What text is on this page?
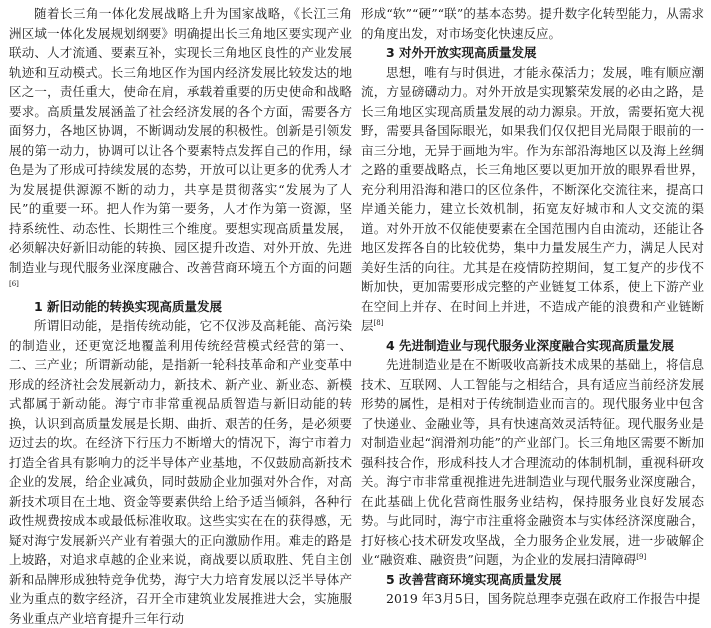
随着长三角一体化发展战略上升为国家战略，《长江三角洲区域一体化发展规划纲要》明确提出长三角地区要实现产业联动、人才流通、要素互补，实现长三角地区良性的产业发展轨迹和互动模式。长三角地区作为国内经济发展比较发达的地区之一，责任重大，使命在肩，承载着重要的历史使命和战略要求。高质量发展涵盖了社会经济发展的各个方面，需要各方面努力，各地区协调，不断调动发展的积极性。创新是引领发展的第一动力，协调可以让各个要素特点发挥自己的作用，绿色是为了形成可持续发展的态势，开放可以让更多的优秀人才为发展提供源源不断的动力，共享是贯彻落实“发展为了人民”的重要一环。把人作为第一要务，人才作为第一资源，坚持系统性、动态性、长期性三个维度。要想实现高质量发展，必须解决好新旧动能的转换、园区提升改造、对外开放、先进制造业与现代服务业深度融合、改善营商环境五个方面的问题[6]

1 新旧动能的转换实现高质量发展

所谓旧动能，是指传统动能，它不仅涉及高耗能、高污染的制造业，还更宽泛地覆盖利用传统经营模式经营的第一、二、三产业；所谓新动能，是指新一轮科技革命和产业变革中形成的经济社会发展新动力，新技术、新产业、新业态、新模式都属于新动能。海宁市非常重视品质智造与新旧动能的转换，认识到高质量发展是长期、曲折、艰苦的任务，是必须要迈过去的坎。在经济下行压力不断增大的情况下，海宁市着力打造全省具有影响力的泛半导体产业基地，不仅鼓励高新技术企业的发展，给企业减负，同时鼓励企业加强对外合作，对高新技术项目在土地、资金等要素供给上给予适当倾斜，各种行政性规费按成本或最低标准收取。这些实实在在的获得感，无疑对海宁发展新兴产业有着强大的正向激励作用。难走的路是上坡路，对追求卓越的企业来说，商战要以质取胜、凭自主创新和品牌形成独特竞争优势，海宁大力培育发展以泛半导体产业为重点的数字经济，召开全市建筑业发展推进大会，实施服务业重点产业培育提升三年行动

形成“软”“硬”“联”的基本态势。提升数字化转型能力，从需求的角度出发，对市场变化快速反应。

3 对外开放实现高质量发展

思想，唯有与时俱进，才能永葆活力；发展，唯有顺应潮流，方显磅礴动力。对外开放是实现繁荣发展的必由之路，是长三角地区实现高质量发展的动力源泉。开放，需要拓宽大视野，需要具备国际眼光，如果我们仅仅把目光局限于眼前的一亩三分地，无异于画地为牢。作为东部沿海地区以及海上丝绸之路的重要战略点，长三角地区要以更加开放的眼界看世界，充分利用沿海和港口的区位条件，不断深化交流往来，提高口岸通关能力，建立长效机制，拓宽友好城市和人文交流的渠道。对外开放不仅能使要素在全国范围内自由流动，还能让各地区发挥各自的比较优势，集中力量发展生产力，满足人民对美好生活的向往。尤其是在疫情防控期间，复工复产的步伐不断加快，更加需要形成完整的产业链复工体系，使上下游产业在空间上并存、在时间上并进，不造成产能的浪费和产业链断层[8]

4 先进制造业与现代服务业深度融合实现高质量发展

先进制造业是在不断吸收高新技术成果的基础上，将信息技术、互联网、人工智能与之相结合，具有适应当前经济发展形势的属性，是相对于传统制造业而言的。现代服务业中包含了快递业、金融业等，具有快速高效灵活特征。现代服务业是对制造业起“润滑剂功能”的产业部门。长三角地区需要不断加强科技合作，形成科技人才合理流动的体制机制，重视科研攻关。海宁市非常重视推进先进制造业与现代服务业深度融合，在此基础上优化营商性服务业结构，保持服务业良好发展态势。与此同时，海宁市注重将金融资本与实体经济深度融合，打好核心技术研发攻坚战，全力服务企业发展，进一步破解企业“融资难、融资贵”问题，为企业的发展扫清障碍[9]

5 改善营商环境实现高质量发展

2019 年3月5日，国务院总理李克强在政府工作报告中提
